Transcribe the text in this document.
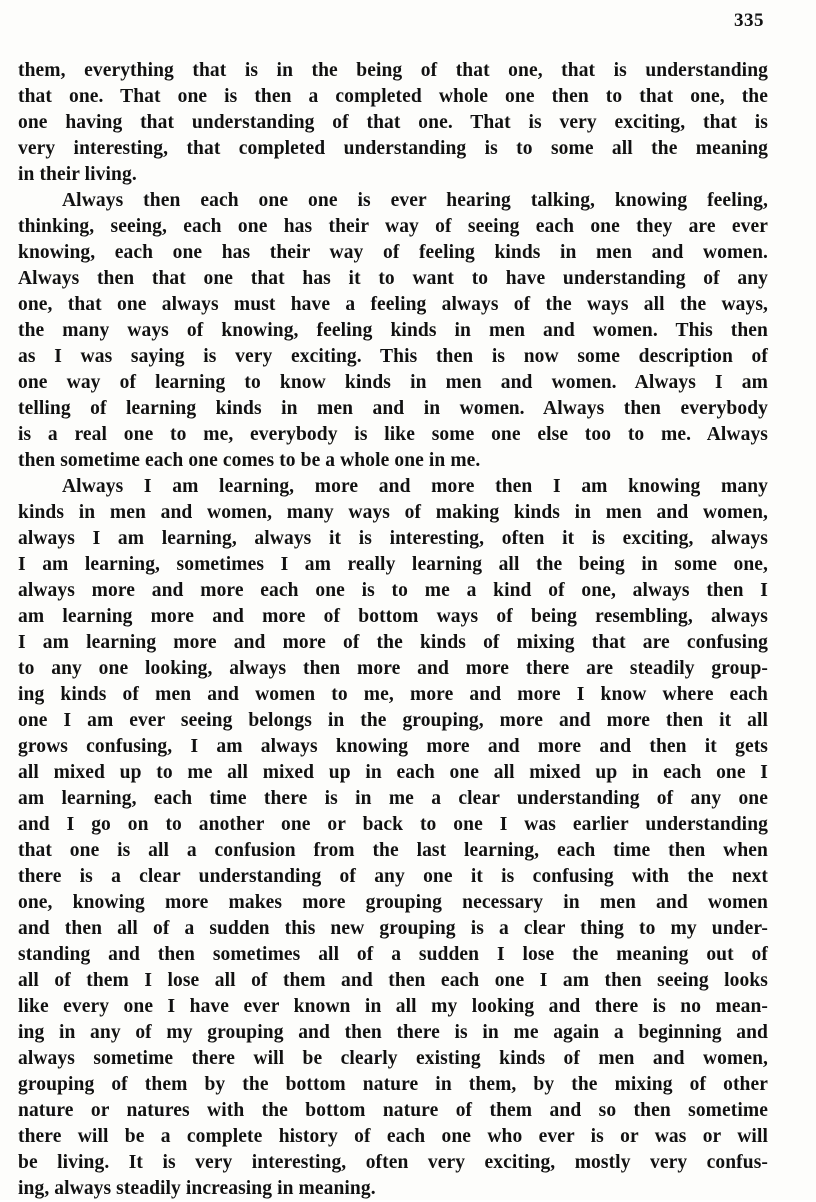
335
them, everything that is in the being of that one, that is understanding
that one. That one is then a completed whole one then to that one, the
one having that understanding of that one. That is very exciting, that is
very interesting, that completed understanding is to some all the meaning
in their living.
Always then each one one is ever hearing talking, knowing feeling,
thinking, seeing, each one has their way of seeing each one they are ever
knowing, each one has their way of feeling kinds in men and women.
Always then that one that has it to want to have understanding of any
one, that one always must have a feeling always of the ways all the ways,
the many ways of knowing, feeling kinds in men and women. This then
as I was saying is very exciting. This then is now some description of
one way of learning to know kinds in men and women. Always I am
telling of learning kinds in men and in women. Always then everybody
is a real one to me, everybody is like some one else too to me. Always
then sometime each one comes to be a whole one in me.
Always I am learning, more and more then I am knowing many
kinds in men and women, many ways of making kinds in men and women,
always I am learning, always it is interesting, often it is exciting, always
I am learning, sometimes I am really learning all the being in some one,
always more and more each one is to me a kind of one, always then I
am learning more and more of bottom ways of being resembling, always
I am learning more and more of the kinds of mixing that are confusing
to any one looking, always then more and more there are steadily group-
ing kinds of men and women to me, more and more I know where each
one I am ever seeing belongs in the grouping, more and more then it all
grows confusing, I am always knowing more and more and then it gets
all mixed up to me all mixed up in each one all mixed up in each one I
am learning, each time there is in me a clear understanding of any one
and I go on to another one or back to one I was earlier understanding
that one is all a confusion from the last learning, each time then when
there is a clear understanding of any one it is confusing with the next
one, knowing more makes more grouping necessary in men and women
and then all of a sudden this new grouping is a clear thing to my under-
standing and then sometimes all of a sudden I lose the meaning out of
all of them I lose all of them and then each one I am then seeing looks
like every one I have ever known in all my looking and there is no mean-
ing in any of my grouping and then there is in me again a beginning and
always sometime there will be clearly existing kinds of men and women,
grouping of them by the bottom nature in them, by the mixing of other
nature or natures with the bottom nature of them and so then sometime
there will be a complete history of each one who ever is or was or will
be living. It is very interesting, often very exciting, mostly very confus-
ing, always steadily increasing in meaning.
